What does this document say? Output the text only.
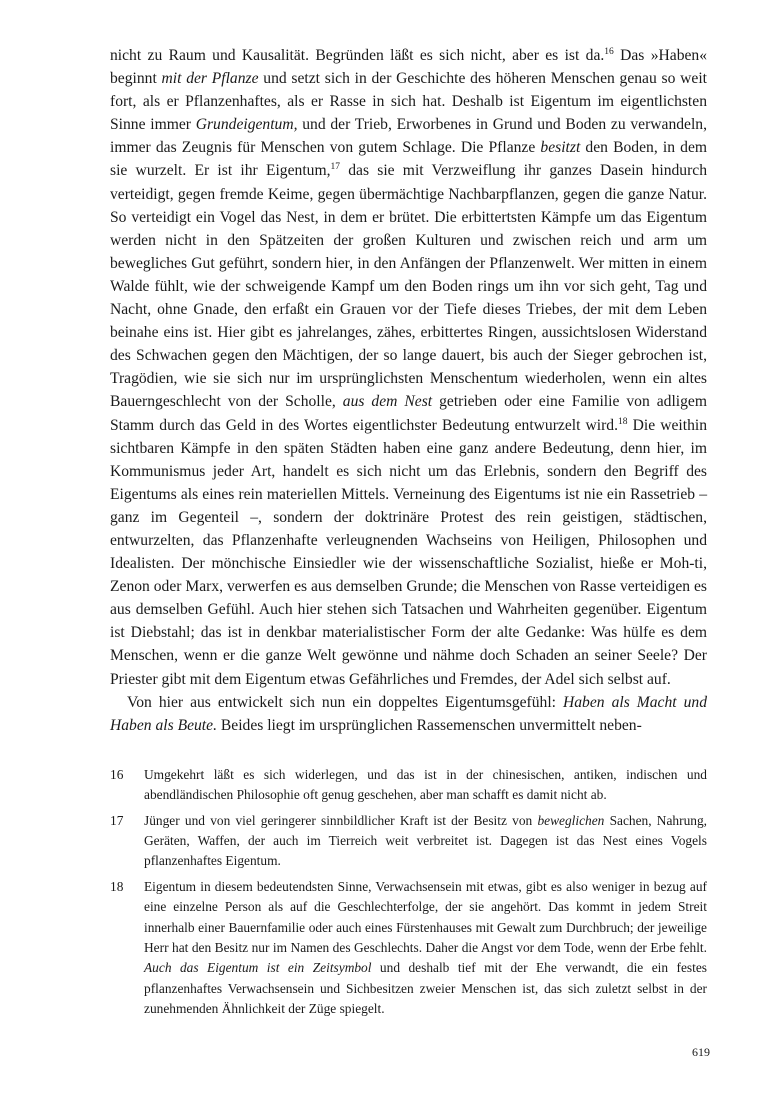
nicht zu Raum und Kausalität. Begründen läßt es sich nicht, aber es ist da.$^{16}$ Das »Haben« beginnt mit der Pflanze und setzt sich in der Geschichte des höheren Menschen genau so weit fort, als er Pflanzenhaftes, als er Rasse in sich hat. Deshalb ist Eigentum im eigentlichsten Sinne immer Grundeigentum, und der Trieb, Erworbenes in Grund und Boden zu verwandeln, immer das Zeugnis für Menschen von gutem Schlage. Die Pflanze besitzt den Boden, in dem sie wurzelt. Er ist ihr Eigentum,$^{17}$ das sie mit Verzweiflung ihr ganzes Dasein hindurch verteidigt, gegen fremde Keime, gegen übermächtige Nachbarpflanzen, gegen die ganze Natur. So verteidigt ein Vogel das Nest, in dem er brütet. Die erbittertsten Kämpfe um das Eigentum werden nicht in den Spätzeiten der großen Kulturen und zwischen reich und arm um bewegliches Gut geführt, sondern hier, in den Anfängen der Pflanzenwelt. Wer mitten in einem Walde fühlt, wie der schweigende Kampf um den Boden rings um ihn vor sich geht, Tag und Nacht, ohne Gnade, den erfaßt ein Grauen vor der Tiefe dieses Triebes, der mit dem Leben beinahe eins ist. Hier gibt es jahrelanges, zähes, erbittertes Ringen, aussichtslosen Widerstand des Schwachen gegen den Mächtigen, der so lange dauert, bis auch der Sieger gebrochen ist, Tragödien, wie sie sich nur im ursprünglichsten Menschentum wiederholen, wenn ein altes Bauerngeschlecht von der Scholle, aus dem Nest getrieben oder eine Familie von adligem Stamm durch das Geld in des Wortes eigentlichster Bedeutung entwurzelt wird.$^{18}$ Die weithin sichtbaren Kämpfe in den späten Städten haben eine ganz andere Bedeutung, denn hier, im Kommunismus jeder Art, handelt es sich nicht um das Erlebnis, sondern den Begriff des Eigentums als eines rein materiellen Mittels. Verneinung des Eigentums ist nie ein Rassetrieb – ganz im Gegenteil –, sondern der doktrinäre Protest des rein geistigen, städtischen, entwurzelten, das Pflanzenhafte verleugnenden Wachseins von Heiligen, Philosophen und Idealisten. Der mönchische Einsiedler wie der wissenschaftliche Sozialist, hieße er Moh-ti, Zenon oder Marx, verwerfen es aus demselben Grunde; die Menschen von Rasse verteidigen es aus demselben Gefühl. Auch hier stehen sich Tatsachen und Wahrheiten gegenüber. Eigentum ist Diebstahl; das ist in denkbar materialistischer Form der alte Gedanke: Was hülfe es dem Menschen, wenn er die ganze Welt gewönne und nähme doch Schaden an seiner Seele? Der Priester gibt mit dem Eigentum etwas Gefährliches und Fremdes, der Adel sich selbst auf.

Von hier aus entwickelt sich nun ein doppeltes Eigentumsgefühl: Haben als Macht und Haben als Beute. Beides liegt im ursprünglichen Rassemenschen unvermittelt neben-

16	Umgekehrt läßt es sich widerlegen, und das ist in der chinesischen, antiken, indischen und abendländischen Philosophie oft genug geschehen, aber man schafft es damit nicht ab.
17	Jünger und von viel geringerer sinnbildlicher Kraft ist der Besitz von beweglichen Sachen, Nahrung, Geräten, Waffen, der auch im Tierreich weit verbreitet ist. Dagegen ist das Nest eines Vogels pflanzenhaftes Eigentum.
18	Eigentum in diesem bedeutendsten Sinne, Verwachsensein mit etwas, gibt es also weniger in bezug auf eine einzelne Person als auf die Geschlechterfolge, der sie angehört. Das kommt in jedem Streit innerhalb einer Bauernfamilie oder auch eines Fürstenhauses mit Gewalt zum Durchbruch; der jeweilige Herr hat den Besitz nur im Namen des Geschlechts. Daher die Angst vor dem Tode, wenn der Erbe fehlt. Auch das Eigentum ist ein Zeitsymbol und deshalb tief mit der Ehe verwandt, die ein festes pflanzenhaftes Verwachsensein und Sichbesitzen zweier Menschen ist, das sich zuletzt selbst in der zunehmenden Ähnlichkeit der Züge spiegelt.
619
